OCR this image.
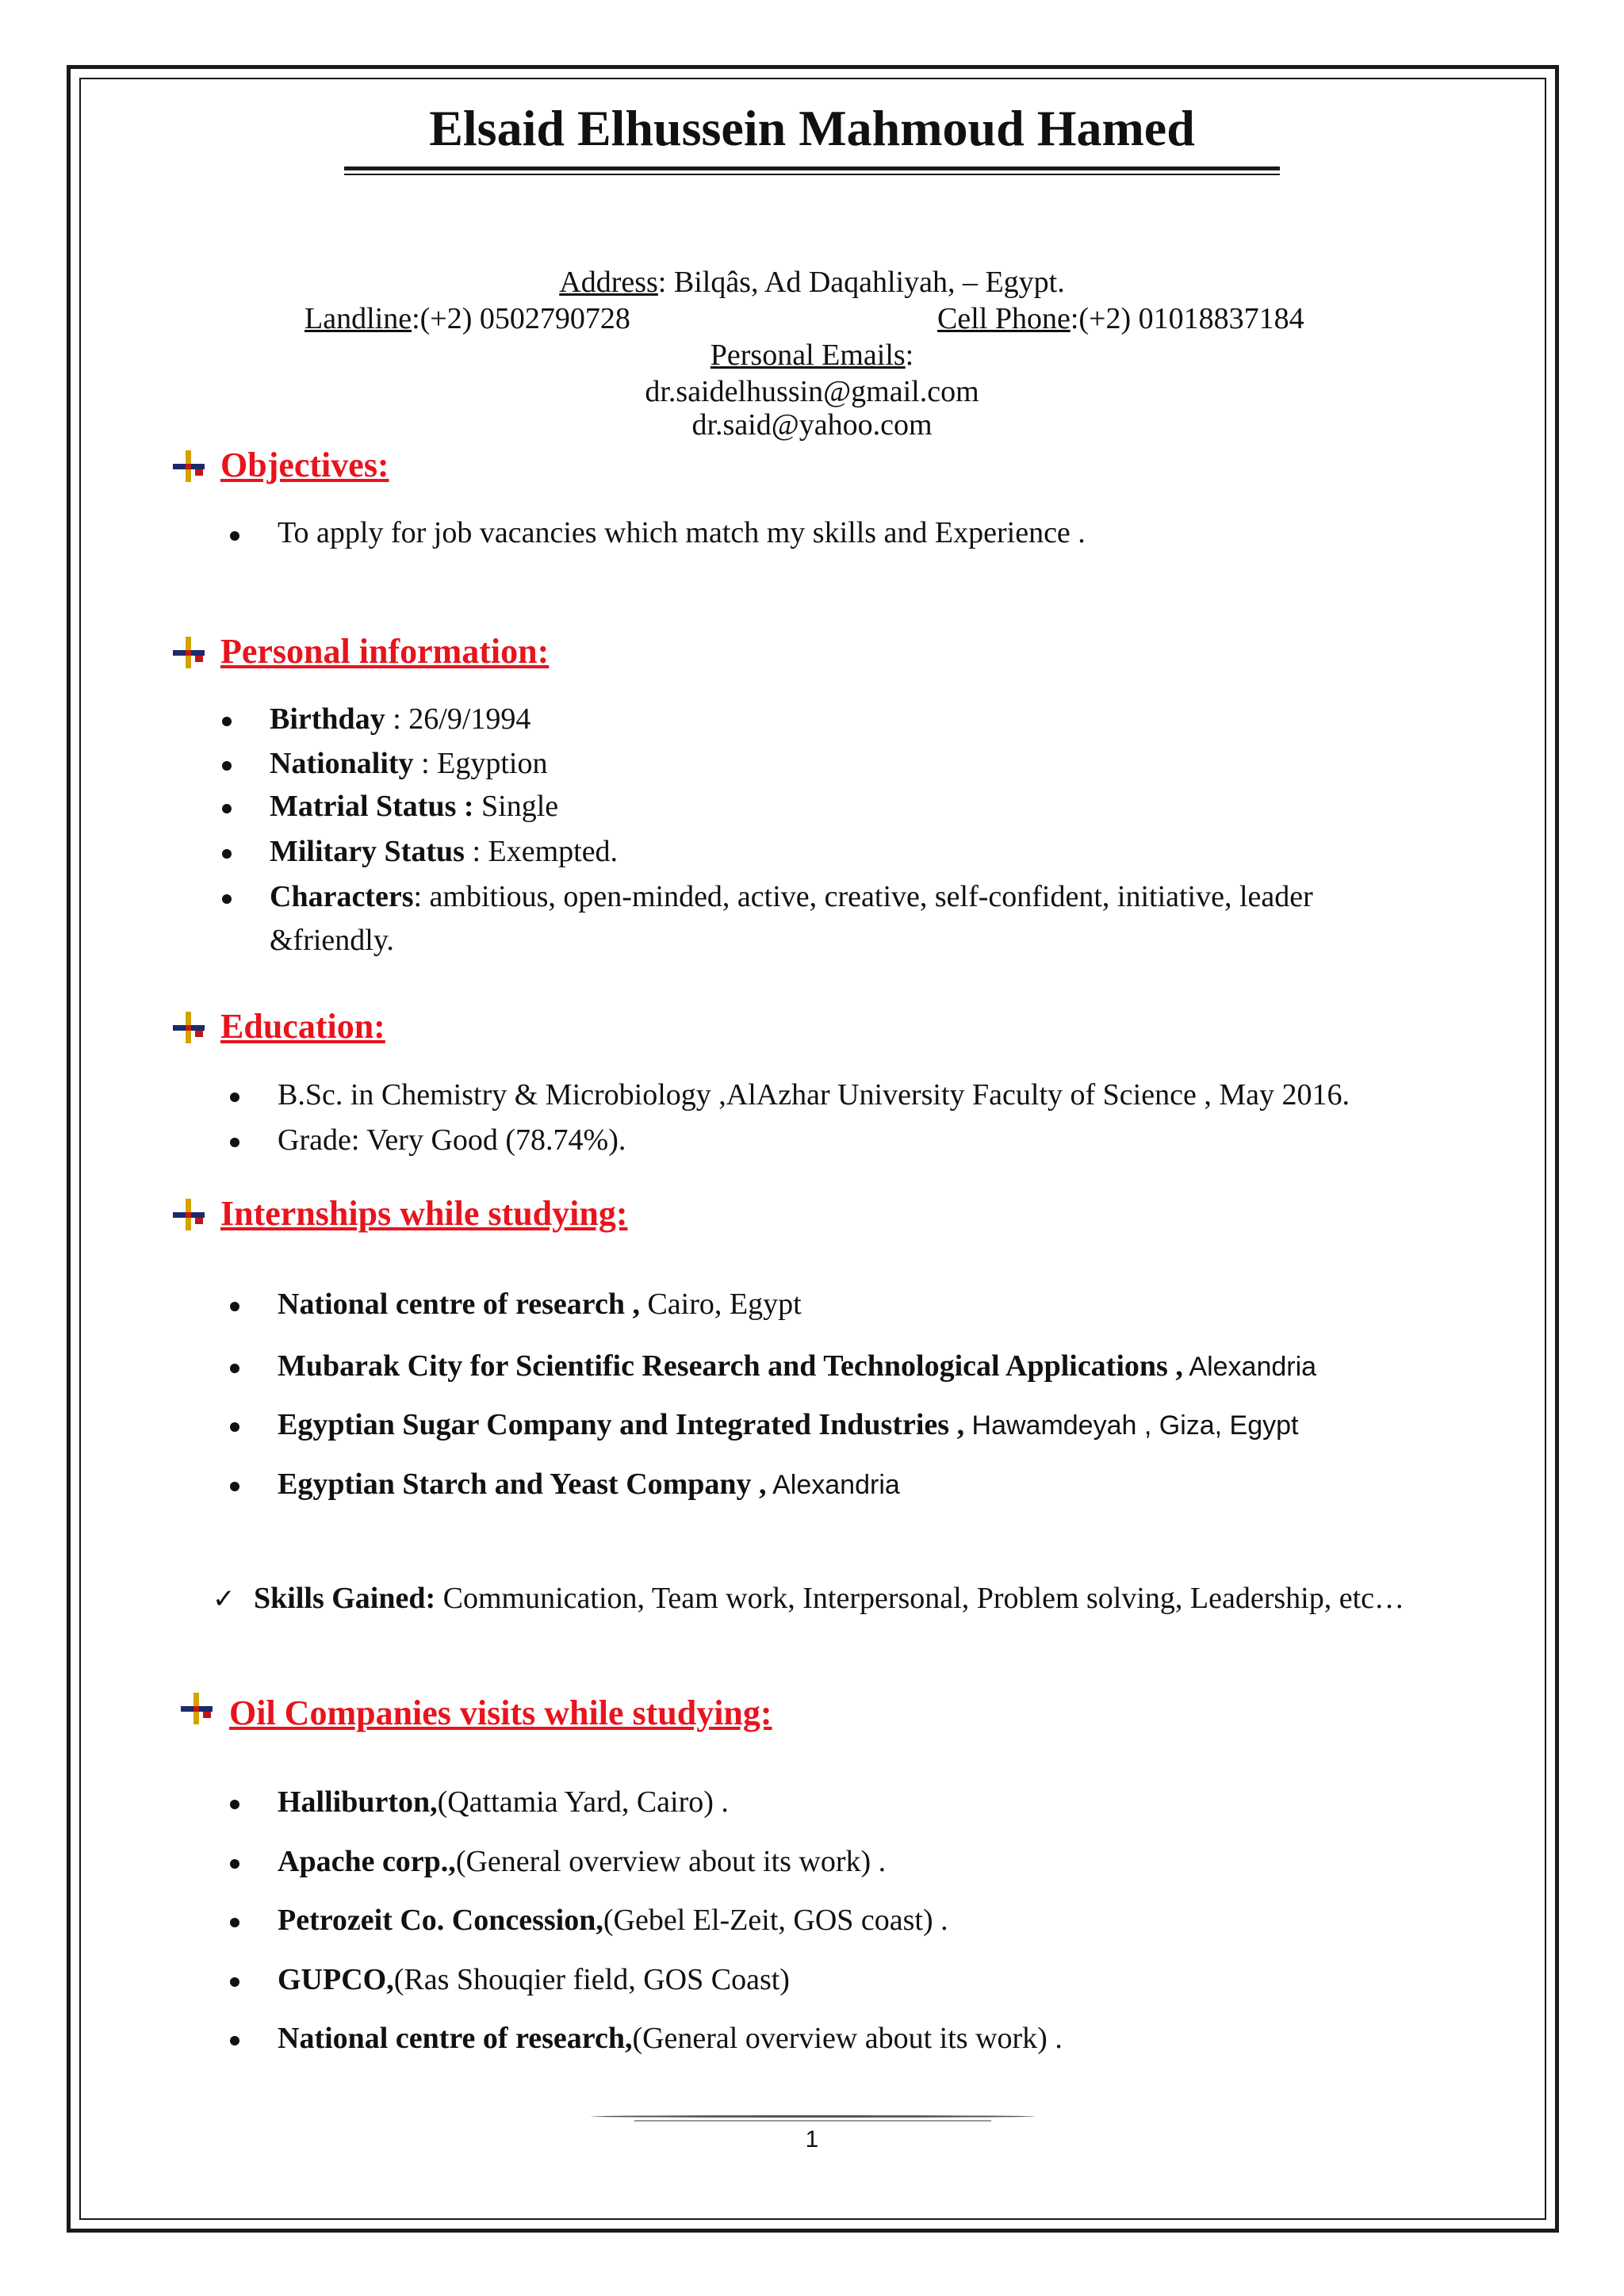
Elsaid Elhussein Mahmoud Hamed
Address: Bilqâs, Ad Daqahliyah, – Egypt.
Landline:(+2) 0502790728	Cell Phone:(+2) 01018837184
Personal Emails:
dr.saidelhussin@gmail.com
dr.said@yahoo.com
Objectives:
To apply for job vacancies which match my skills and Experience .
Personal information:
Birthday : 26/9/1994
Nationality : Egyption
Matrial Status : Single
Military Status : Exempted.
Characters: ambitious, open-minded, active, creative, self-confident, initiative, leader
&friendly.
Education:
B.Sc. in Chemistry & Microbiology ,AlAzhar University Faculty of Science , May 2016.
Grade: Very Good (78.74%).
Internships while studying:
National centre of research , Cairo, Egypt
Mubarak City for Scientific Research and Technological Applications , Alexandria
Egyptian Sugar Company and Integrated Industries , Hawamdeyah , Giza, Egypt
Egyptian Starch and Yeast Company , Alexandria
✓ Skills Gained: Communication, Team work, Interpersonal, Problem solving, Leadership, etc…
Oil Companies visits while studying:
Halliburton,(Qattamia Yard, Cairo) .
Apache corp.,(General overview about its work) .
Petrozeit Co. Concession,(Gebel El-Zeit, GOS coast) .
GUPCO,(Ras Shouqier field, GOS Coast)
National centre of research,(General overview about its work) .
1
